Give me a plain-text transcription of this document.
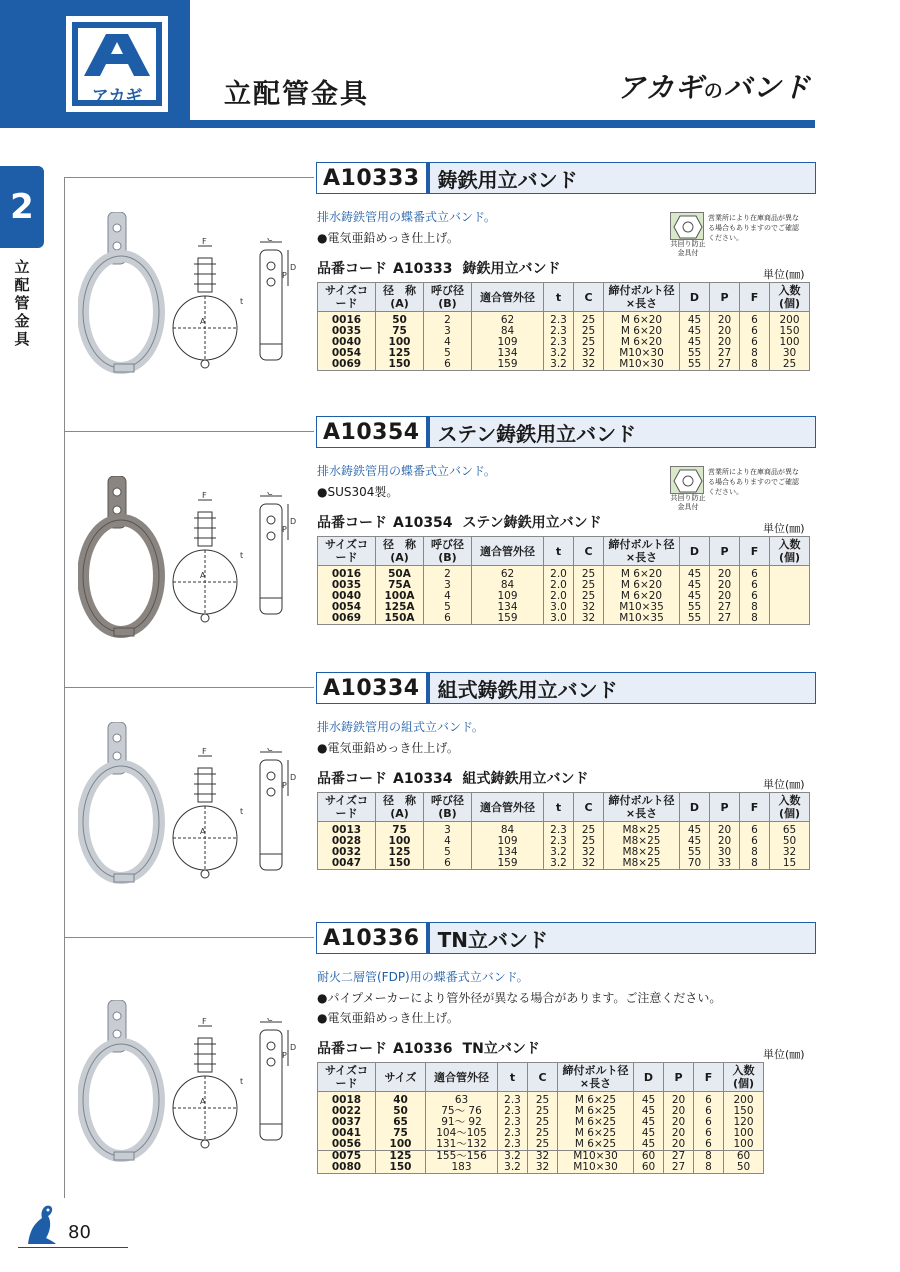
アカギ	立配管金具	アカギのバンド
2
立配管金具
A10333 鋳鉄用立バンド
排水鋳鉄管用の蝶番式立バンド。
●電気亜鉛めっき仕上げ。	共回り防止金具付
営業所により在庫商品が異なる場合もありますのでご確認ください。
品番コード A10333 鋳鉄用立バンド	単位(㎜)
F	C
t
A
D
P
サイズコード	径　称(A)	呼び径(B)	適合管外径	t	C	締付ボルト径×長さ	D	P	F	入数(個)
0016	50	2	62	2.3	25	M 6×20	45	20	6	200
0035	75	3	84	2.3	25	M 6×20	45	20	6	150
0040	100	4	109	2.3	25	M 6×20	45	20	6	100
0054	125	5	134	3.2	32	M10×30	55	27	8	30
0069	150	6	159	3.2	32	M10×30	55	27	8	25
A10354 ステン鋳鉄用立バンド
排水鋳鉄管用の蝶番式立バンド。
●SUS304製。	共回り防止金具付
営業所により在庫商品が異なる場合もありますのでご確認ください。
品番コード A10354 ステン鋳鉄用立バンド	単位(㎜)
F	C
t
A
D
P
サイズコード	径　称(A)	呼び径(B)	適合管外径	t	C	締付ボルト径×長さ	D	P	F	入数(個)
0016	50A	2	62	2.0	25	M 6×20	45	20	6	
0035	75A	3	84	2.0	25	M 6×20	45	20	6	
0040	100A	4	109	2.0	25	M 6×20	45	20	6	
0054	125A	5	134	3.0	32	M10×35	55	27	8	
0069	150A	6	159	3.0	32	M10×35	55	27	8	
A10334 組式鋳鉄用立バンド
排水鋳鉄管用の組式立バンド。
●電気亜鉛めっき仕上げ。
品番コード A10334 組式鋳鉄用立バンド	単位(㎜)
F	C
t
A
D
P
サイズコード	径　称(A)	呼び径(B)	適合管外径	t	C	締付ボルト径×長さ	D	P	F	入数(個)
0013	75	3	84	2.3	25	M8×25	45	20	6	65
0028	100	4	109	2.3	25	M8×25	45	20	6	50
0032	125	5	134	3.2	32	M8×25	55	30	8	32
0047	150	6	159	3.2	32	M8×25	70	33	8	15
A10336 TN立バンド
耐火二層管(FDP)用の蝶番式立バンド。
●パイプメーカーにより管外径が異なる場合があります。ご注意ください。
●電気亜鉛めっき仕上げ。
品番コード A10336 TN立バンド	単位(㎜)
F	C
t
A
D
P
サイズコード	サイズ	適合管外径	t	C	締付ボルト径×長さ	D	P	F	入数(個)
0018	40	63	2.3	25	M 6×25	45	20	6	200
0022	50	75〜 76	2.3	25	M 6×25	45	20	6	150
0037	65	91〜 92	2.3	25	M 6×25	45	20	6	120
0041	75	104〜105	2.3	25	M 6×25	45	20	6	100
0056	100	131〜132	2.3	25	M 6×25	45	20	6	100
0075	125	155〜156	3.2	32	M10×30	60	27	8	60
0080	150	183	3.2	32	M10×30	60	27	8	50
80
